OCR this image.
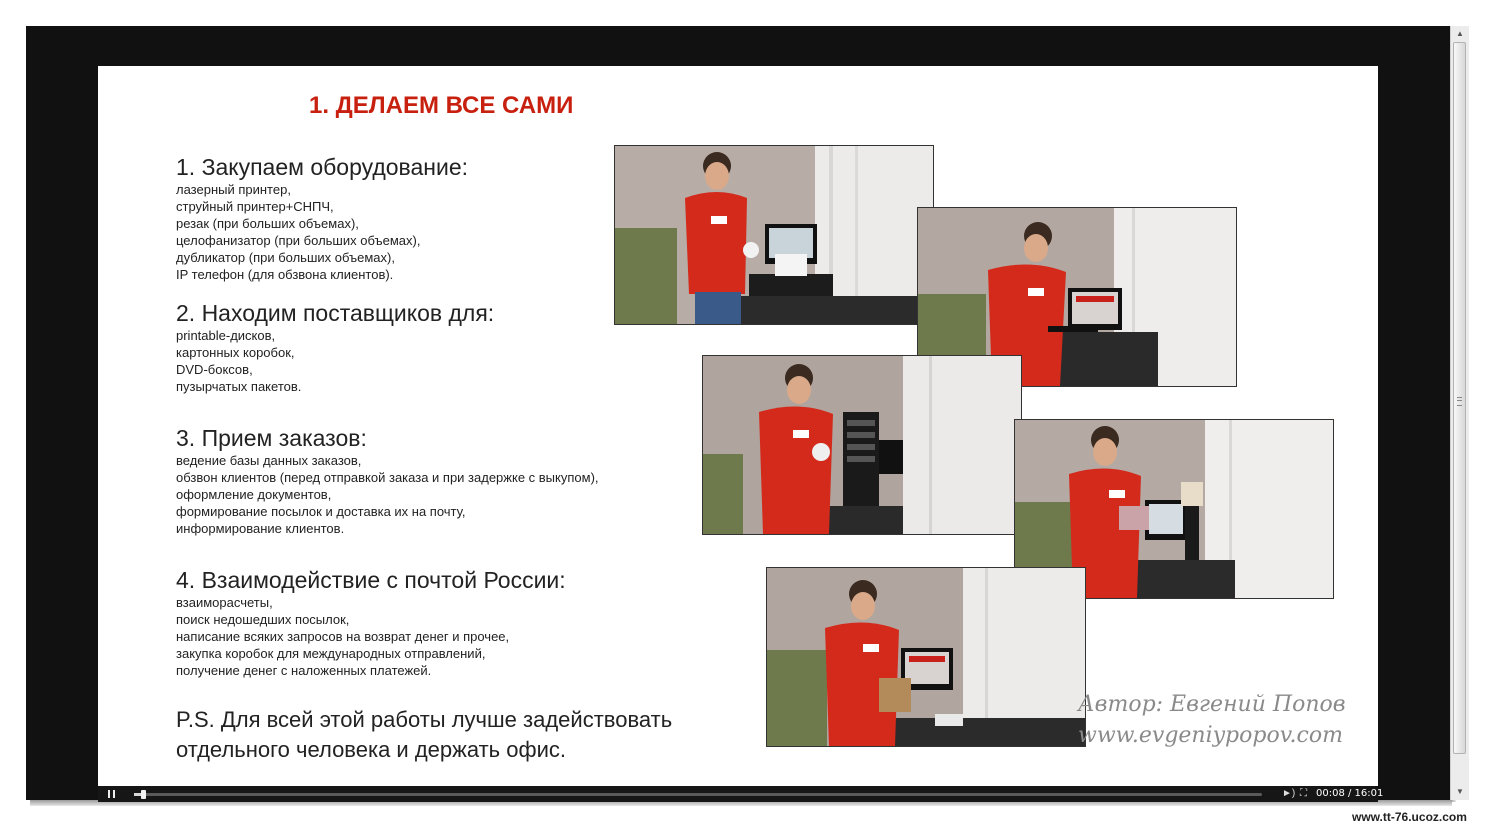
1. ДЕЛАЕМ ВСЕ САМИ
1. Закупаем оборудование:
лазерный принтер,
струйный принтер+СНПЧ,
резак (при больших объемах),
целофанизатор (при больших объемах),
дубликатор (при больших объемах),
IP телефон (для обзвона клиентов).
2. Находим поставщиков для:
printable-дисков,
картонных коробок,
DVD-боксов,
пузырчатых пакетов.
3. Прием заказов:
ведение базы данных заказов,
обзвон клиентов (перед отправкой заказа и при задержке с выкупом),
оформление документов,
формирование посылок и доставка их на почту,
информирование клиентов.
4. Взаимодействие с почтой России:
взаиморасчеты,
поиск недошедших посылок,
написание всяких запросов на возврат денег и прочее,
закупка коробок для международных отправлений,
получение денег с наложенных платежей.
P.S. Для всей этой работы лучше задействовать
отдельного человека и держать офис.
Автор: Евгений Попов
www.evgeniypopov.com
►) ⛶ 00:08 / 16:01
▲
▼
www.tt-76.ucoz.com
